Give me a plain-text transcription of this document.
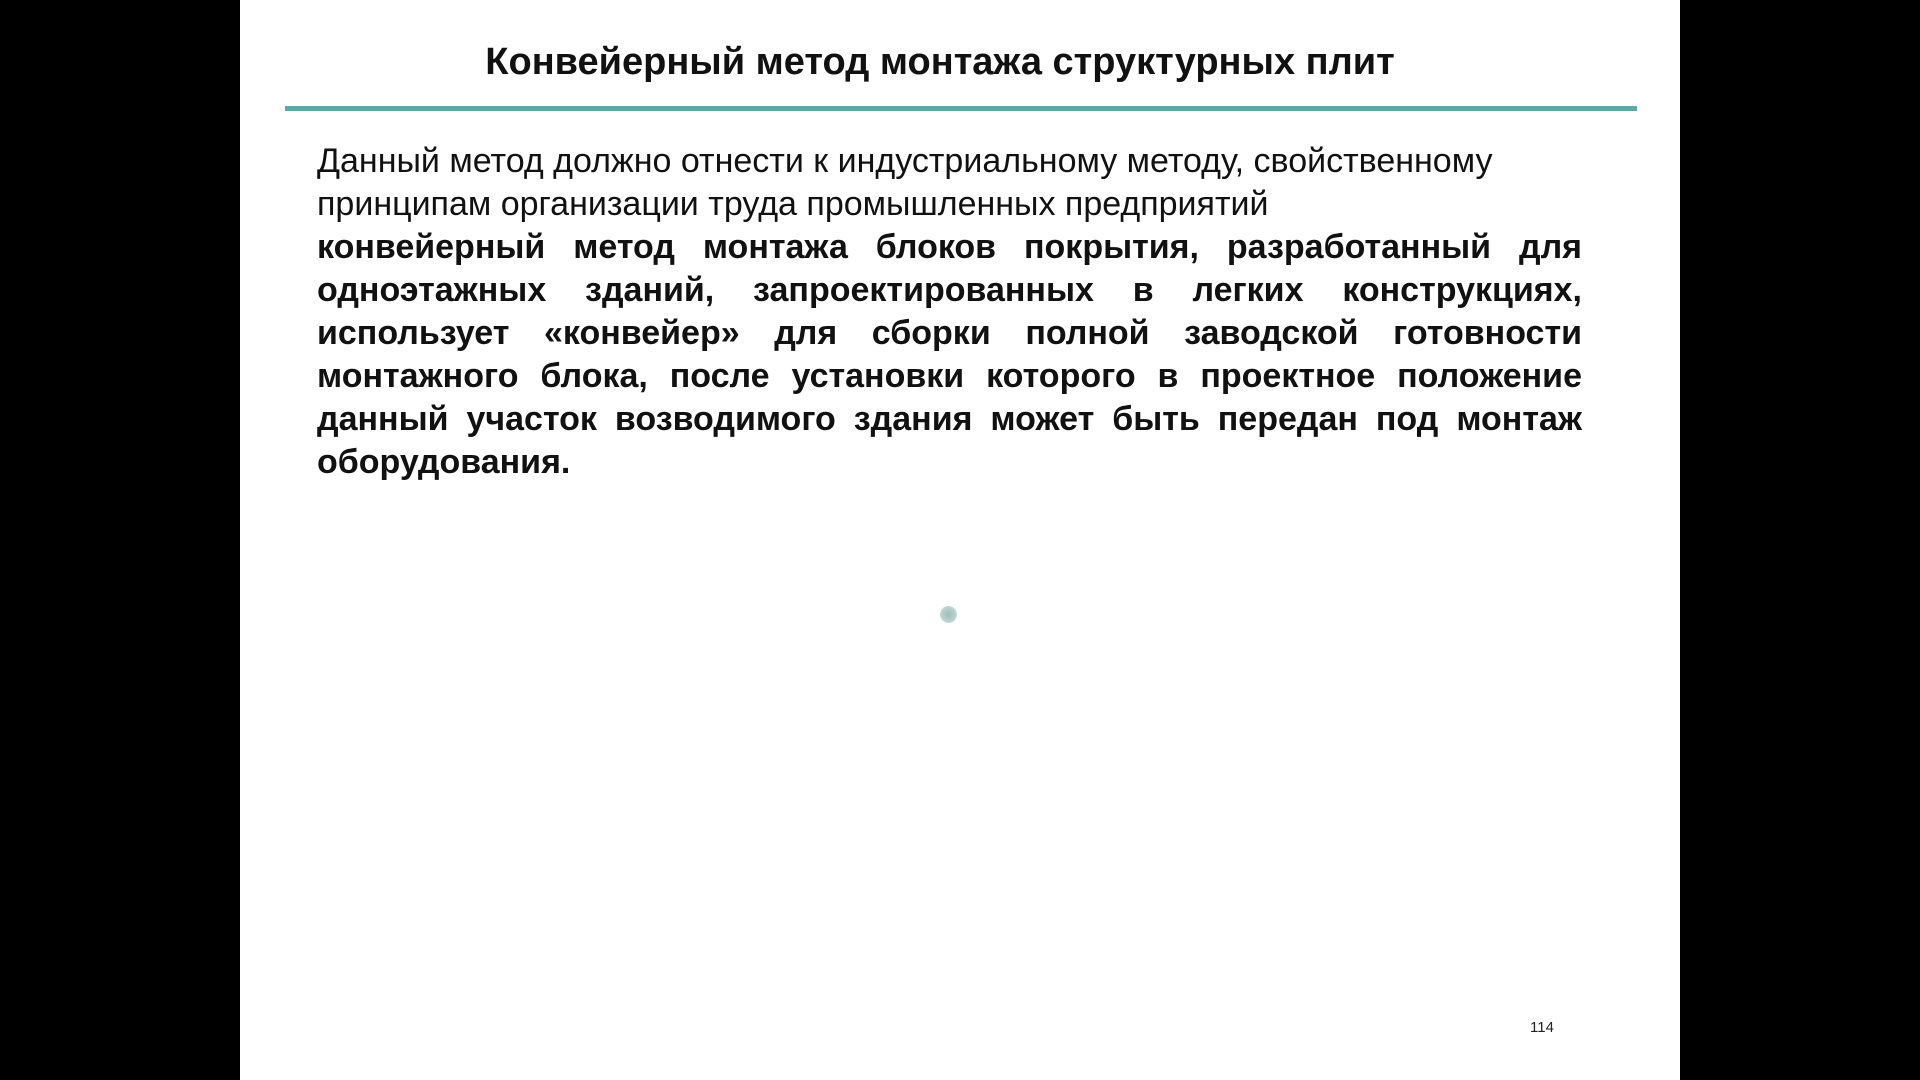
Конвейерный метод монтажа структурных плит

Данный метод должно отнести к индустриальному методу, свойственному принципам организации труда промышленных предприятий

конвейерный метод монтажа блоков покрытия, разработанный для одноэтажных зданий, запроектированных в легких конструкциях, использует «конвейер» для сборки полной заводской готовности монтажного блока, после установки которого в проектное положение данный участок возводимого здания может быть передан под монтаж оборудования.

114
